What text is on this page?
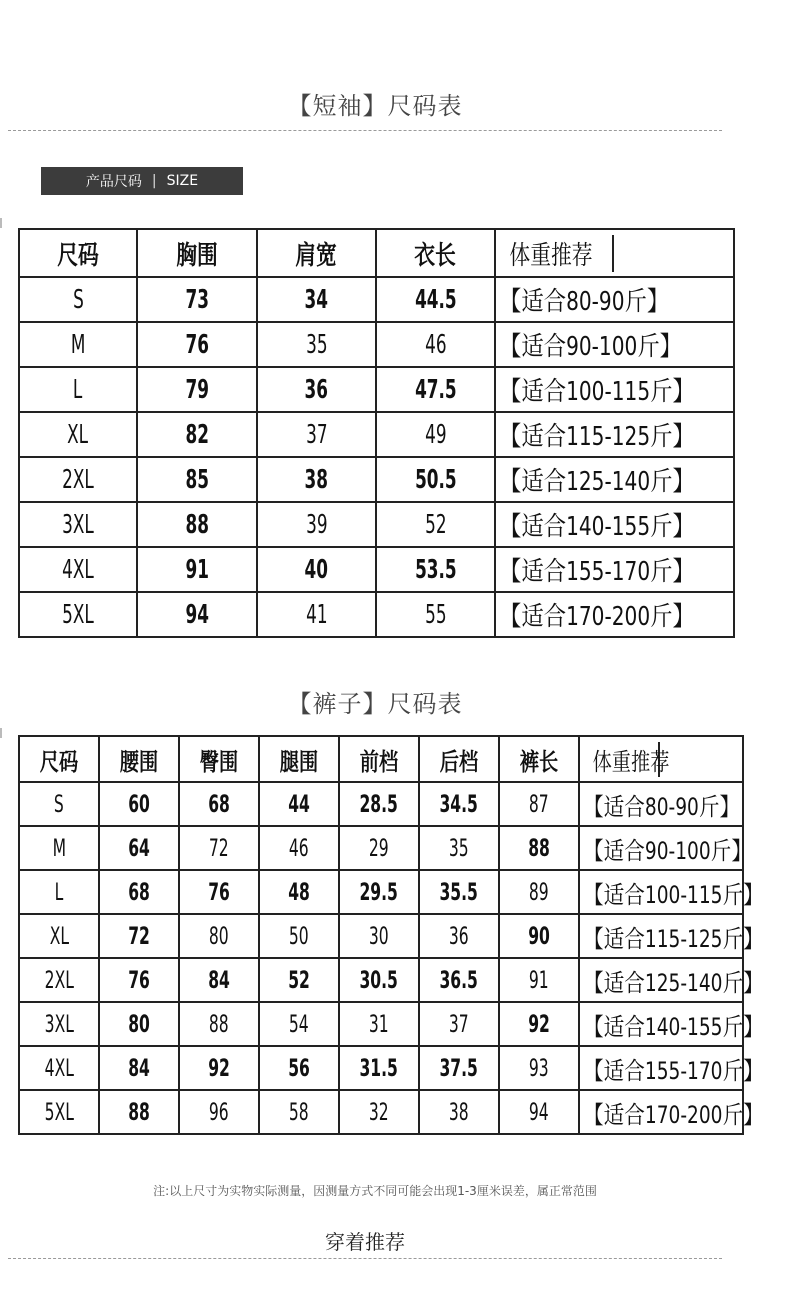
【短袖】尺码表
产品尺码 | SIZE
尺码	胸围	肩宽	衣长	体重推荐

S	73	34	44.5	【适合80-90斤】
M	76	35	46	【适合90-100斤】
L	79	36	47.5	【适合100-115斤】
XL	82	37	49	【适合115-125斤】
2XL	85	38	50.5	【适合125-140斤】
3XL	88	39	52	【适合140-155斤】
4XL	91	40	53.5	【适合155-170斤】
5XL	94	41	55	【适合170-200斤】
【裤子】尺码表
尺码	腰围	臀围	腿围	前档	后档	裤长	体重推荐

S	60	68	44	28.5	34.5	87	【适合80-90斤】
M	64	72	46	29	35	88	【适合90-100斤】
L	68	76	48	29.5	35.5	89	【适合100-115斤】
XL	72	80	50	30	36	90	【适合115-125斤】
2XL	76	84	52	30.5	36.5	91	【适合125-140斤】
3XL	80	88	54	31	37	92	【适合140-155斤】
4XL	84	92	56	31.5	37.5	93	【适合155-170斤】
5XL	88	96	58	32	38	94	【适合170-200斤】
注:以上尺寸为实物实际测量，因测量方式不同可能会出现1-3厘米误差，属正常范围
穿着推荐
